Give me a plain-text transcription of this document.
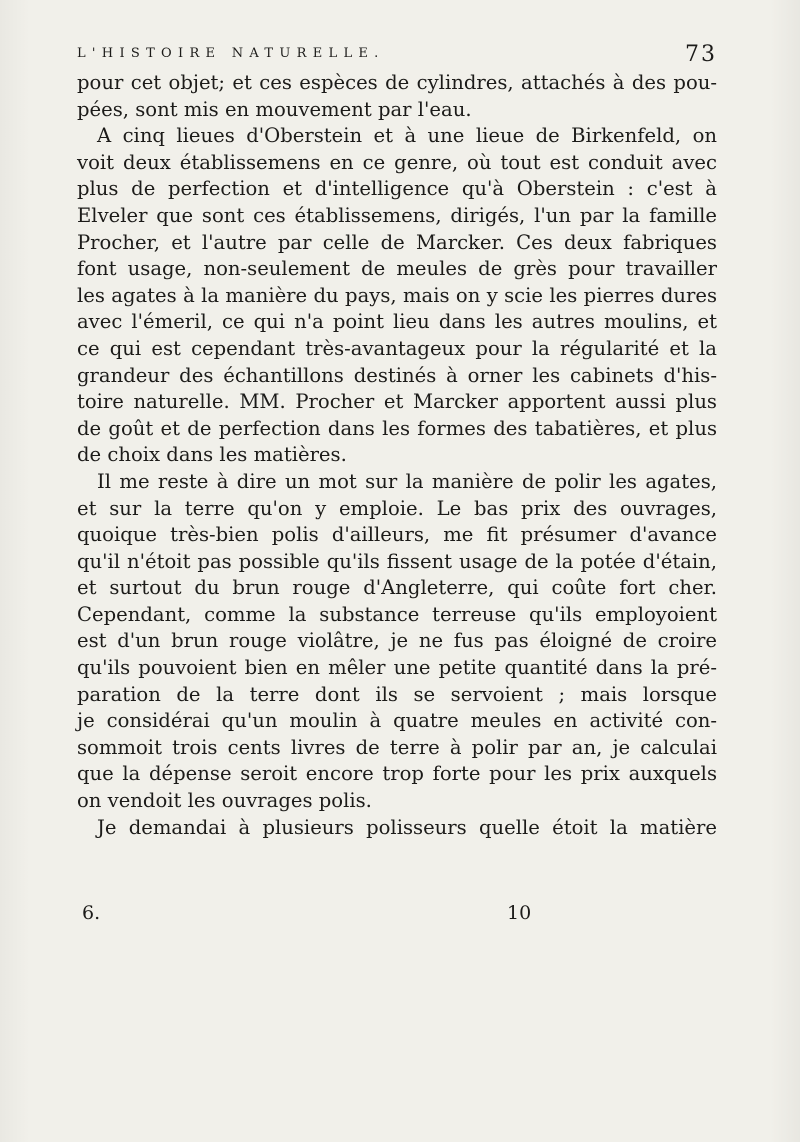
L'HISTOIRE NATURELLE.	73
pour cet objet; et ces espèces de cylindres, attachés à des pou-
pées, sont mis en mouvement par l'eau.
A cinq lieues d'Oberstein et à une lieue de Birkenfeld, on
voit deux établissemens en ce genre, où tout est conduit avec
plus de perfection et d'intelligence qu'à Oberstein : c'est à
Elveler que sont ces établissemens, dirigés, l'un par la famille
Procher, et l'autre par celle de Marcker. Ces deux fabriques
font usage, non-seulement de meules de grès pour travailler
les agates à la manière du pays, mais on y scie les pierres dures
avec l'émeril, ce qui n'a point lieu dans les autres moulins, et
ce qui est cependant très-avantageux pour la régularité et la
grandeur des échantillons destinés à orner les cabinets d'his-
toire naturelle. MM. Procher et Marcker apportent aussi plus
de goût et de perfection dans les formes des tabatières, et plus
de choix dans les matières.
Il me reste à dire un mot sur la manière de polir les agates,
et sur la terre qu'on y emploie. Le bas prix des ouvrages,
quoique très-bien polis d'ailleurs, me fit présumer d'avance
qu'il n'étoit pas possible qu'ils fissent usage de la potée d'étain,
et surtout du brun rouge d'Angleterre, qui coûte fort cher.
Cependant, comme la substance terreuse qu'ils employoient
est d'un brun rouge violâtre, je ne fus pas éloigné de croire
qu'ils pouvoient bien en mêler une petite quantité dans la pré-
paration de la terre dont ils se servoient ; mais lorsque
je considérai qu'un moulin à quatre meules en activité con-
sommoit trois cents livres de terre à polir par an, je calculai
que la dépense seroit encore trop forte pour les prix auxquels
on vendoit les ouvrages polis.
Je demandai à plusieurs polisseurs quelle étoit la matière
6.	10
